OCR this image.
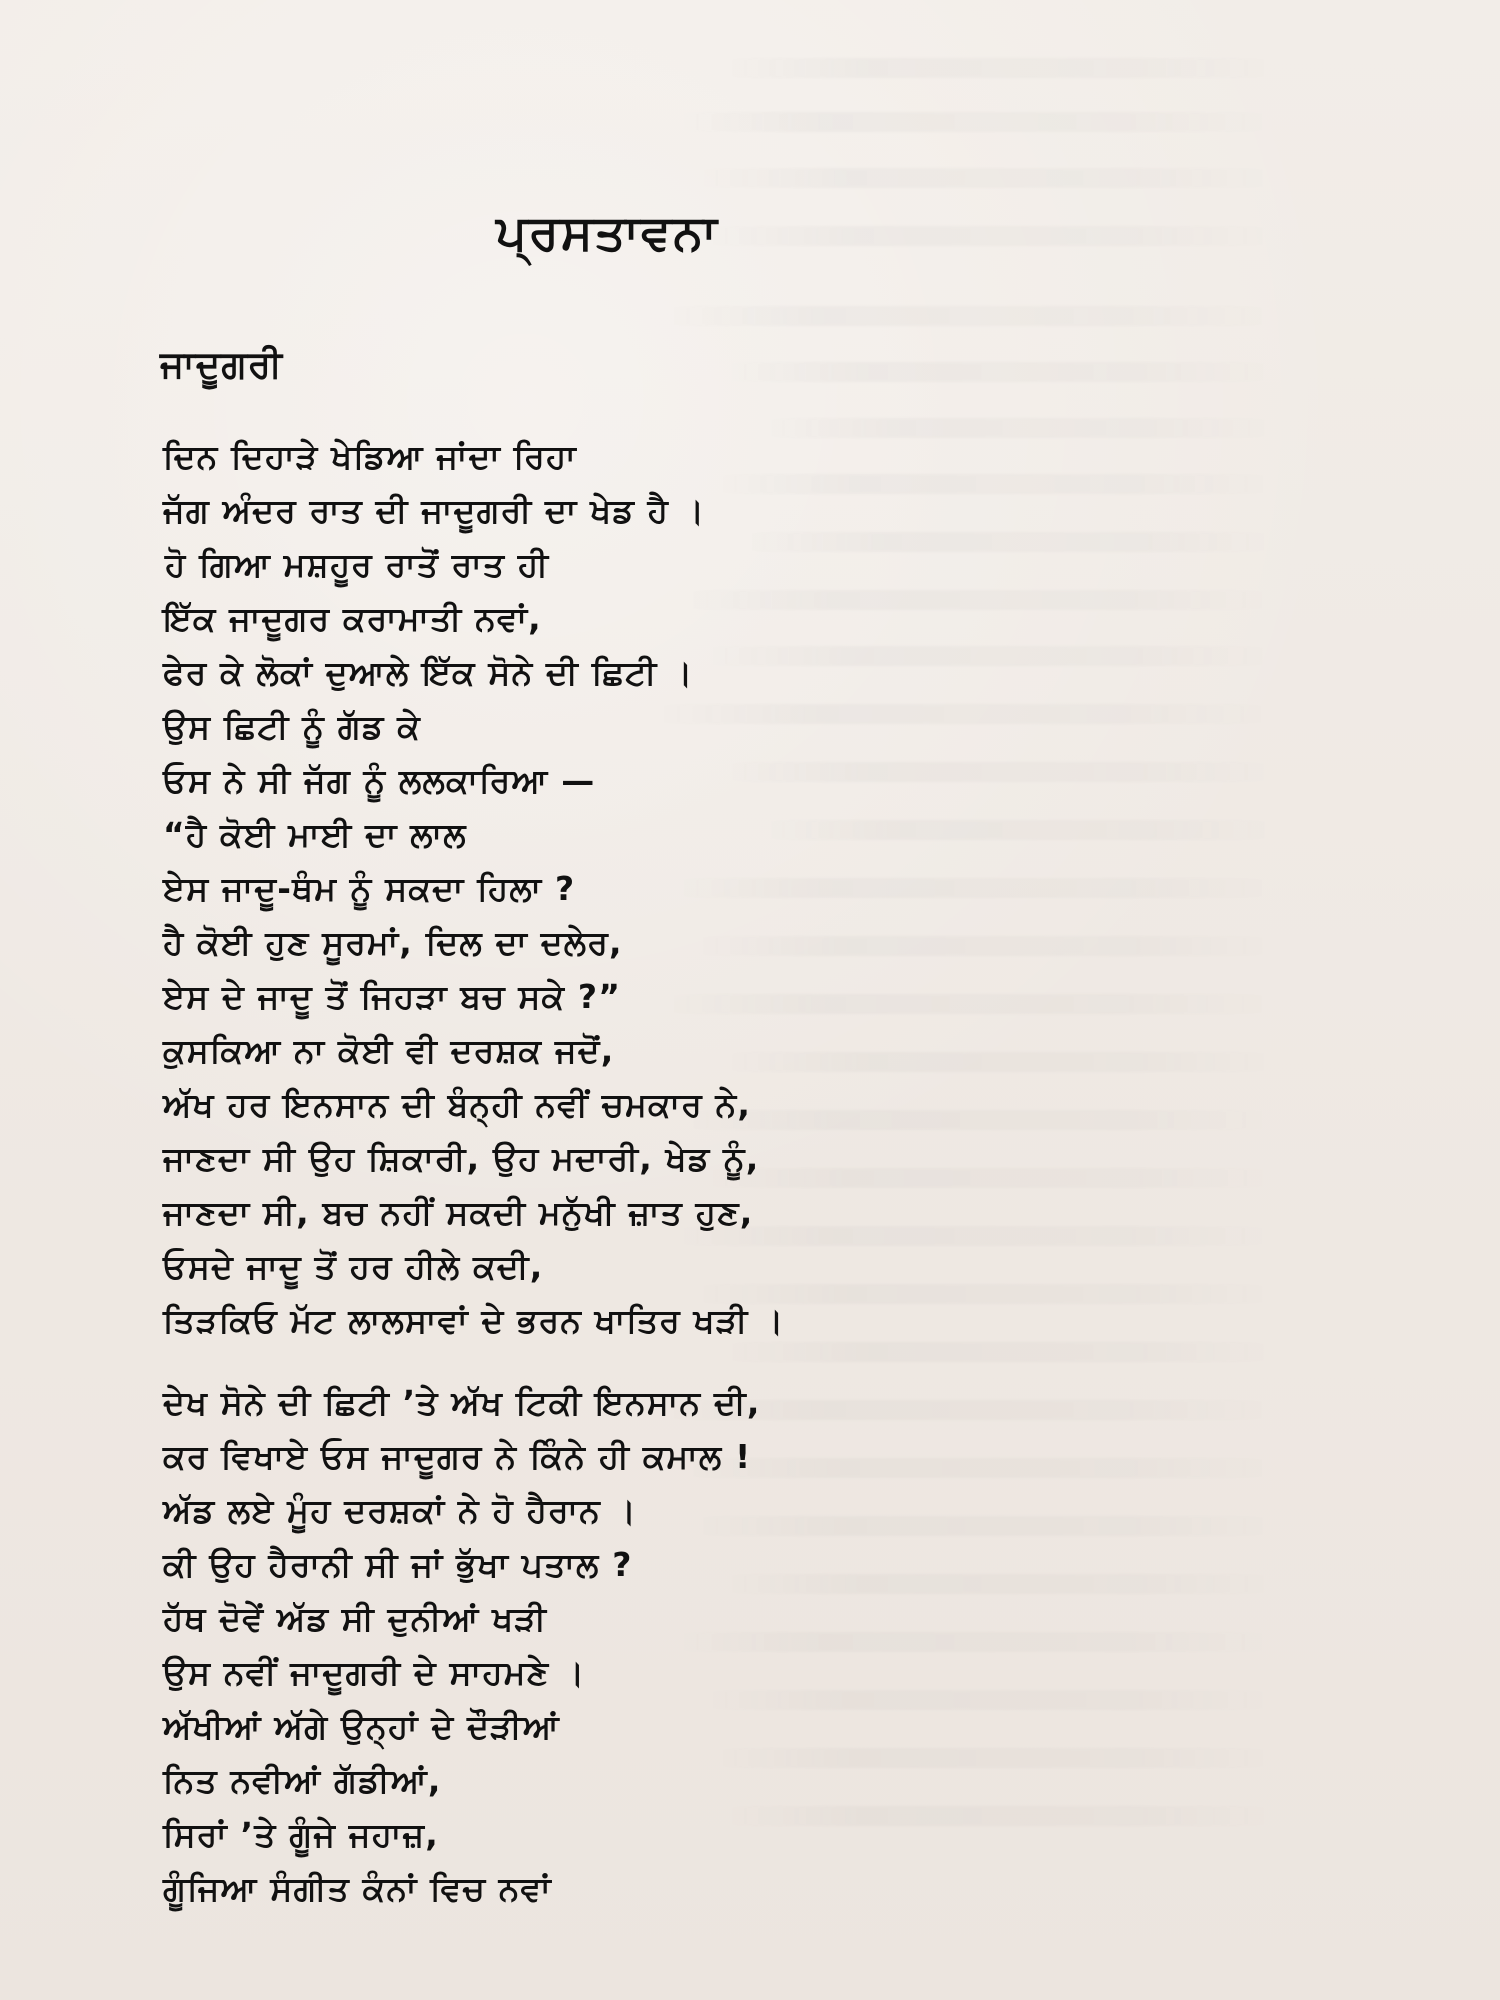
ਪ੍ਰਸਤਾਵਨਾ
ਜਾਦੂਗਰੀ
ਦਿਨ ਦਿਹਾੜੇ ਖੇਡਿਆ ਜਾਂਦਾ ਰਿਹਾ
ਜੱਗ ਅੰਦਰ ਰਾਤ ਦੀ ਜਾਦੂਗਰੀ ਦਾ ਖੇਡ ਹੈ ।
ਹੋ ਗਿਆ ਮਸ਼ਹੂਰ ਰਾਤੋਂ ਰਾਤ ਹੀ
ਇੱਕ ਜਾਦੂਗਰ ਕਰਾਮਾਤੀ ਨਵਾਂ,
ਫੇਰ ਕੇ ਲੋਕਾਂ ਦੁਆਲੇ ਇੱਕ ਸੋਨੇ ਦੀ ਛਿਟੀ ।
ਉਸ ਛਿਟੀ ਨੂੰ ਗੱਡ ਕੇ
ਓਸ ਨੇ ਸੀ ਜੱਗ ਨੂੰ ਲਲਕਾਰਿਆ —
“ਹੈ ਕੋਈ ਮਾਈ ਦਾ ਲਾਲ
ਏਸ ਜਾਦੂ-ਥੰਮ ਨੂੰ ਸਕਦਾ ਹਿਲਾ ?
ਹੈ ਕੋਈ ਹੁਣ ਸੂਰਮਾਂ, ਦਿਲ ਦਾ ਦਲੇਰ,
ਏਸ ਦੇ ਜਾਦੂ ਤੋਂ ਜਿਹੜਾ ਬਚ ਸਕੇ ?”
ਕੁਸਕਿਆ ਨਾ ਕੋਈ ਵੀ ਦਰਸ਼ਕ ਜਦੋਂ,
ਅੱਖ ਹਰ ਇਨਸਾਨ ਦੀ ਬੰਨ੍ਹੀ ਨਵੀਂ ਚਮਕਾਰ ਨੇ,
ਜਾਣਦਾ ਸੀ ਉਹ ਸ਼ਿਕਾਰੀ, ਉਹ ਮਦਾਰੀ, ਖੇਡ ਨੂੰ,
ਜਾਣਦਾ ਸੀ, ਬਚ ਨਹੀਂ ਸਕਦੀ ਮਨੁੱਖੀ ਜ਼ਾਤ ਹੁਣ,
ਓਸਦੇ ਜਾਦੂ ਤੋਂ ਹਰ ਹੀਲੇ ਕਦੀ,
ਤਿੜਕਿਓ ਮੱਟ ਲਾਲਸਾਵਾਂ ਦੇ ਭਰਨ ਖਾਤਿਰ ਖੜੀ ।
ਦੇਖ ਸੋਨੇ ਦੀ ਛਿਟੀ ’ਤੇ ਅੱਖ ਟਿਕੀ ਇਨਸਾਨ ਦੀ,
ਕਰ ਵਿਖਾਏ ਓਸ ਜਾਦੂਗਰ ਨੇ ਕਿੰਨੇ ਹੀ ਕਮਾਲ !
ਅੱਡ ਲਏ ਮੂੰਹ ਦਰਸ਼ਕਾਂ ਨੇ ਹੋ ਹੈਰਾਨ ।
ਕੀ ਉਹ ਹੈਰਾਨੀ ਸੀ ਜਾਂ ਭੁੱਖਾ ਪਤਾਲ ?
ਹੱਥ ਦੋਵੇਂ ਅੱਡ ਸੀ ਦੁਨੀਆਂ ਖੜੀ
ਉਸ ਨਵੀਂ ਜਾਦੂਗਰੀ ਦੇ ਸਾਹਮਣੇ ।
ਅੱਖੀਆਂ ਅੱਗੇ ਉਨ੍ਹਾਂ ਦੇ ਦੌੜੀਆਂ
ਨਿਤ ਨਵੀਆਂ ਗੱਡੀਆਂ,
ਸਿਰਾਂ ’ਤੇ ਗੂੰਜੇ ਜਹਾਜ਼,
ਗੂੰਜਿਆ ਸੰਗੀਤ ਕੰਨਾਂ ਵਿਚ ਨਵਾਂ
